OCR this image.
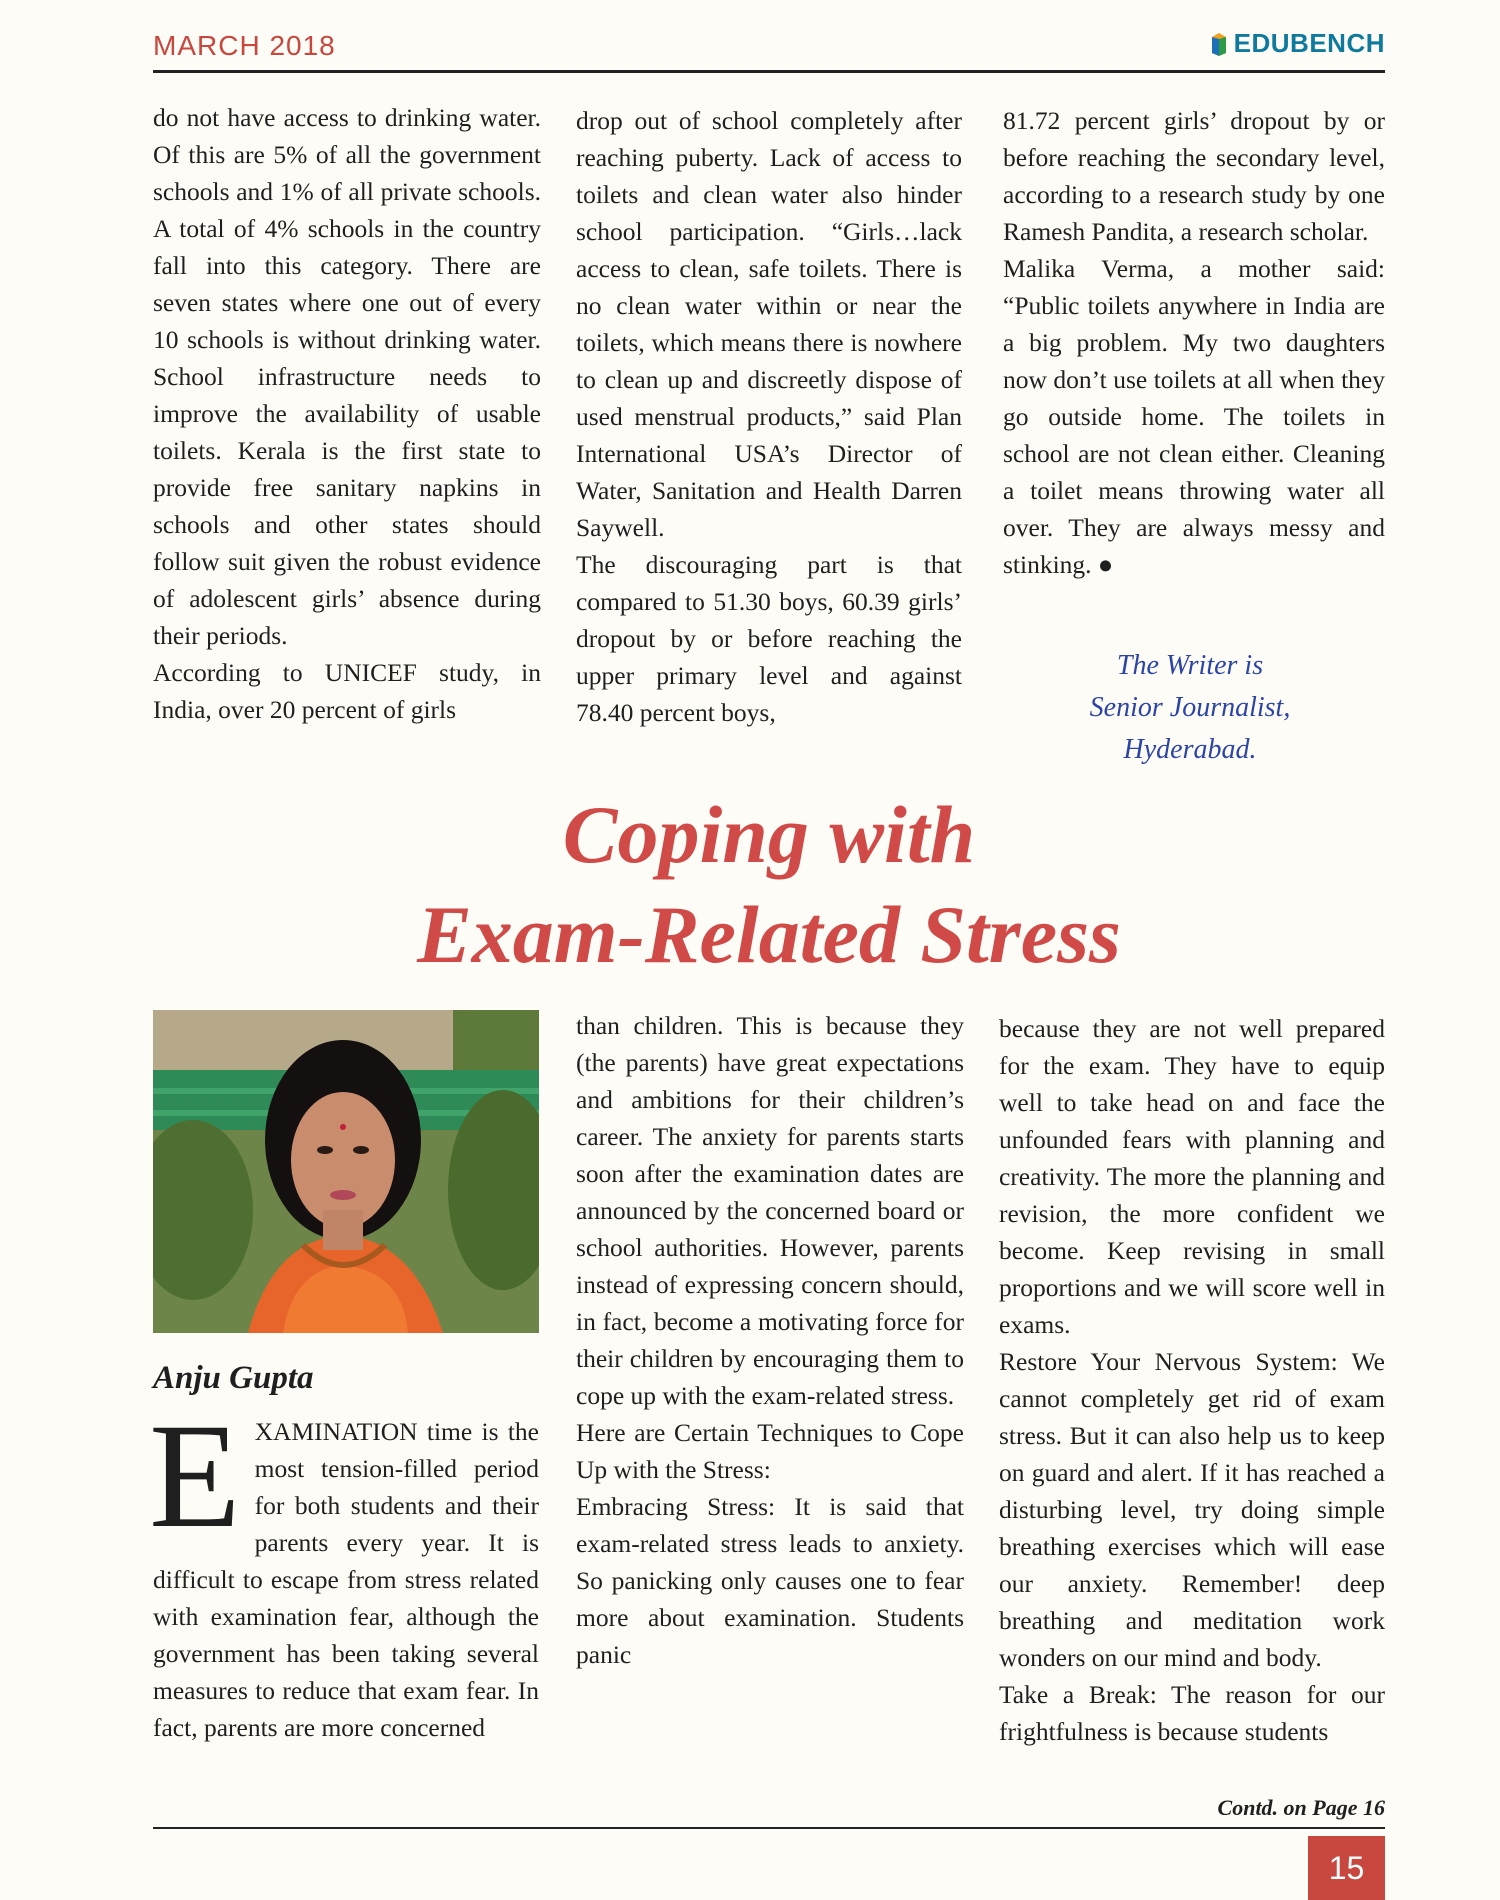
MARCH 2018	EDUBENCH

do not have access to drinking water. Of this are 5% of all the government schools and 1% of all private schools. A total of 4% schools in the country fall into this category. There are seven states where one out of every 10 schools is without drinking water. School infrastructure needs to improve the availability of usable toilets. Kerala is the first state to provide free sanitary napkins in schools and other states should follow suit given the robust evidence of adolescent girls’ absence during their periods.

According to UNICEF study, in India, over 20 percent of girls

drop out of school completely after reaching puberty. Lack of access to toilets and clean water also hinder school participation. “Girls…lack access to clean, safe toilets. There is no clean water within or near the toilets, which means there is nowhere to clean up and discreetly dispose of used menstrual products,” said Plan International USA’s Director of Water, Sanitation and Health Darren Saywell.

The discouraging part is that compared to 51.30 boys, 60.39 girls’ dropout by or before reaching the upper primary level and against 78.40 percent boys,

81.72 percent girls’ dropout by or before reaching the secondary level, according to a research study by one Ramesh Pandita, a research scholar.

Malika Verma, a mother said: “Public toilets anywhere in India are a big problem. My two daughters now don’t use toilets at all when they go outside home. The toilets in school are not clean either. Cleaning a toilet means throwing water all over. They are always messy and stinking. ●

The Writer is
Senior Journalist,
Hyderabad.
Coping with
Exam-Related Stress
Anju Gupta

E XAMINATION time is the most tension-filled period for both students and their parents every year. It is difficult to escape from stress related with examination fear, although the government has been taking several measures to reduce that exam fear. In fact, parents are more concerned

than children. This is because they (the parents) have great expectations and ambitions for their children’s career. The anxiety for parents starts soon after the examination dates are announced by the concerned board or school authorities. However, parents instead of expressing concern should, in fact, become a motivating force for their children by encouraging them to cope up with the exam-related stress.

Here are Certain Techniques to Cope Up with the Stress:

Embracing Stress: It is said that exam-related stress leads to anxiety. So panicking only causes one to fear more about examination. Students panic

because they are not well prepared for the exam. They have to equip well to take head on and face the unfounded fears with planning and creativity. The more the planning and revision, the more confident we become. Keep revising in small proportions and we will score well in exams.

Restore Your Nervous System: We cannot completely get rid of exam stress. But it can also help us to keep on guard and alert. If it has reached a disturbing level, try doing simple breathing exercises which will ease our anxiety. Remember! deep breathing and meditation work wonders on our mind and body.

Take a Break: The reason for our frightfulness is because students

Contd. on Page 16
15
